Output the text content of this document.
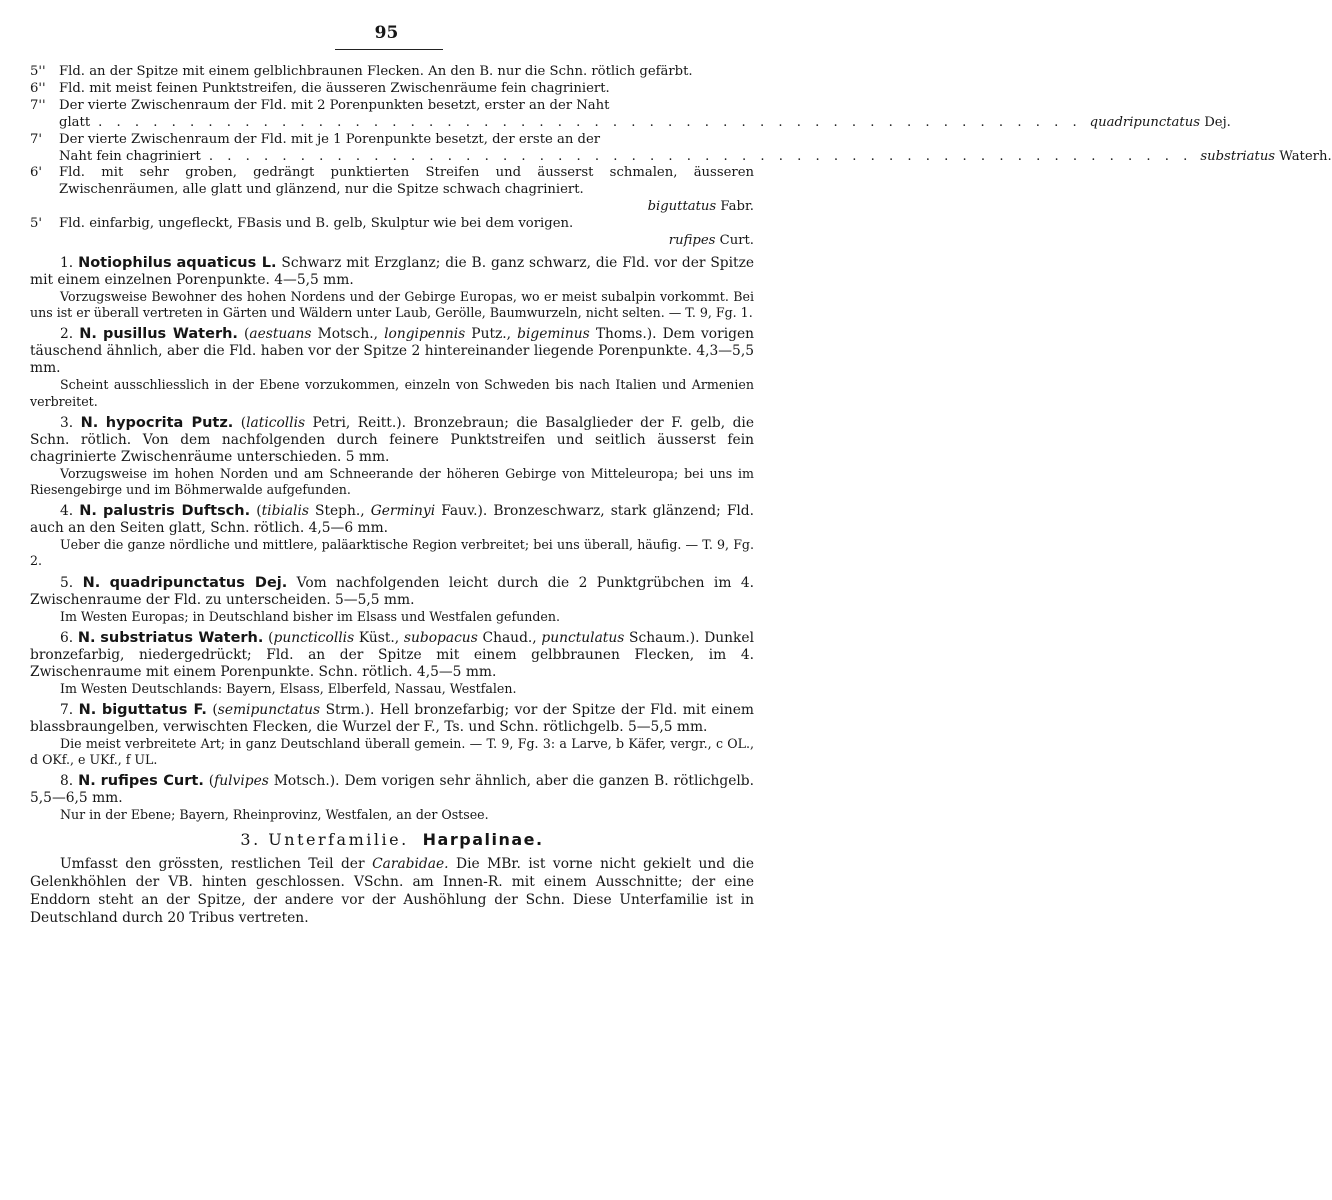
95

5'' Fld. an der Spitze mit einem gelblichbraunen Flecken. An den B. nur die Schn. rötlich gefärbt.

6'' Fld. mit meist feinen Punktstreifen, die äusseren Zwischenräume fein chagriniert.

7'' Der vierte Zwischenraum der Fld. mit 2 Porenpunkten besetzt, erster an der Naht
glatt . . . . . . . . . . . . . . . . . . . . . . . . . . . . . . . . . . . . . . . . . . . . . . . . . . . . . . quadripunctatus Dej.
7' Der vierte Zwischenraum der Fld. mit je 1 Porenpunkte besetzt, der erste an der
Naht fein chagriniert . . . . . . . . . . . . . . . . . . . . . . . . . . . . . . . . . . . . . . . . . . . . . . . . . . . . . . substriatus Waterh.
6' Fld. mit sehr groben, gedrängt punktierten Streifen und äusserst schmalen, äusseren Zwischenräumen, alle glatt und glänzend, nur die Spitze schwach chagriniert.
biguttatus Fabr.
5' Fld. einfarbig, ungefleckt, FBasis und B. gelb, Skulptur wie bei dem vorigen.
rufipes Curt.

1. Notiophilus aquaticus L. Schwarz mit Erzglanz; die B. ganz schwarz, die Fld. vor der Spitze mit einem einzelnen Porenpunkte. 4—5,5 mm.

Vorzugsweise Bewohner des hohen Nordens und der Gebirge Europas, wo er meist subalpin vorkommt. Bei uns ist er überall vertreten in Gärten und Wäldern unter Laub, Gerölle, Baumwurzeln, nicht selten. — T. 9, Fg. 1.

2. N. pusillus Waterh. (aestuans Motsch., longipennis Putz., bigeminus Thoms.). Dem vorigen täuschend ähnlich, aber die Fld. haben vor der Spitze 2 hintereinander liegende Porenpunkte. 4,3—5,5 mm.

Scheint ausschliesslich in der Ebene vorzukommen, einzeln von Schweden bis nach Italien und Armenien verbreitet.

3. N. hypocrita Putz. (laticollis Petri, Reitt.). Bronzebraun; die Basalglieder der F. gelb, die Schn. rötlich. Von dem nachfolgenden durch feinere Punktstreifen und seitlich äusserst fein chagrinierte Zwischenräume unterschieden. 5 mm.

Vorzugsweise im hohen Norden und am Schneerande der höheren Gebirge von Mitteleuropa; bei uns im Riesengebirge und im Böhmerwalde aufgefunden.

4. N. palustris Duftsch. (tibialis Steph., Germinyi Fauv.). Bronzeschwarz, stark glänzend; Fld. auch an den Seiten glatt, Schn. rötlich. 4,5—6 mm.

Ueber die ganze nördliche und mittlere, paläarktische Region verbreitet; bei uns überall, häufig. — T. 9, Fg. 2.

5. N. quadripunctatus Dej. Vom nachfolgenden leicht durch die 2 Punktgrübchen im 4. Zwischenraume der Fld. zu unterscheiden. 5—5,5 mm.

Im Westen Europas; in Deutschland bisher im Elsass und Westfalen gefunden.

6. N. substriatus Waterh. (puncticollis Küst., subopacus Chaud., punctulatus Schaum.). Dunkel bronzefarbig, niedergedrückt; Fld. an der Spitze mit einem gelbbraunen Flecken, im 4. Zwischenraume mit einem Porenpunkte. Schn. rötlich. 4,5—5 mm.

Im Westen Deutschlands: Bayern, Elsass, Elberfeld, Nassau, Westfalen.

7. N. biguttatus F. (semipunctatus Strm.). Hell bronzefarbig; vor der Spitze der Fld. mit einem blassbraungelben, verwischten Flecken, die Wurzel der F., Ts. und Schn. rötlichgelb. 5—5,5 mm.

Die meist verbreitete Art; in ganz Deutschland überall gemein. — T. 9, Fg. 3: a Larve, b Käfer, vergr., c OL., d OKf., e UKf., f UL.

8. N. rufipes Curt. (fulvipes Motsch.). Dem vorigen sehr ähnlich, aber die ganzen B. rötlichgelb. 5,5—6,5 mm.

Nur in der Ebene; Bayern, Rheinprovinz, Westfalen, an der Ostsee.

3. Unterfamilie. Harpalinae.

Umfasst den grössten, restlichen Teil der Carabidae. Die MBr. ist vorne nicht gekielt und die Gelenkhöhlen der VB. hinten geschlossen. VSchn. am Innen-R. mit einem Ausschnitte; der eine Enddorn steht an der Spitze, der andere vor der Aushöhlung der Schn. Diese Unterfamilie ist in Deutschland durch 20 Tribus vertreten.
